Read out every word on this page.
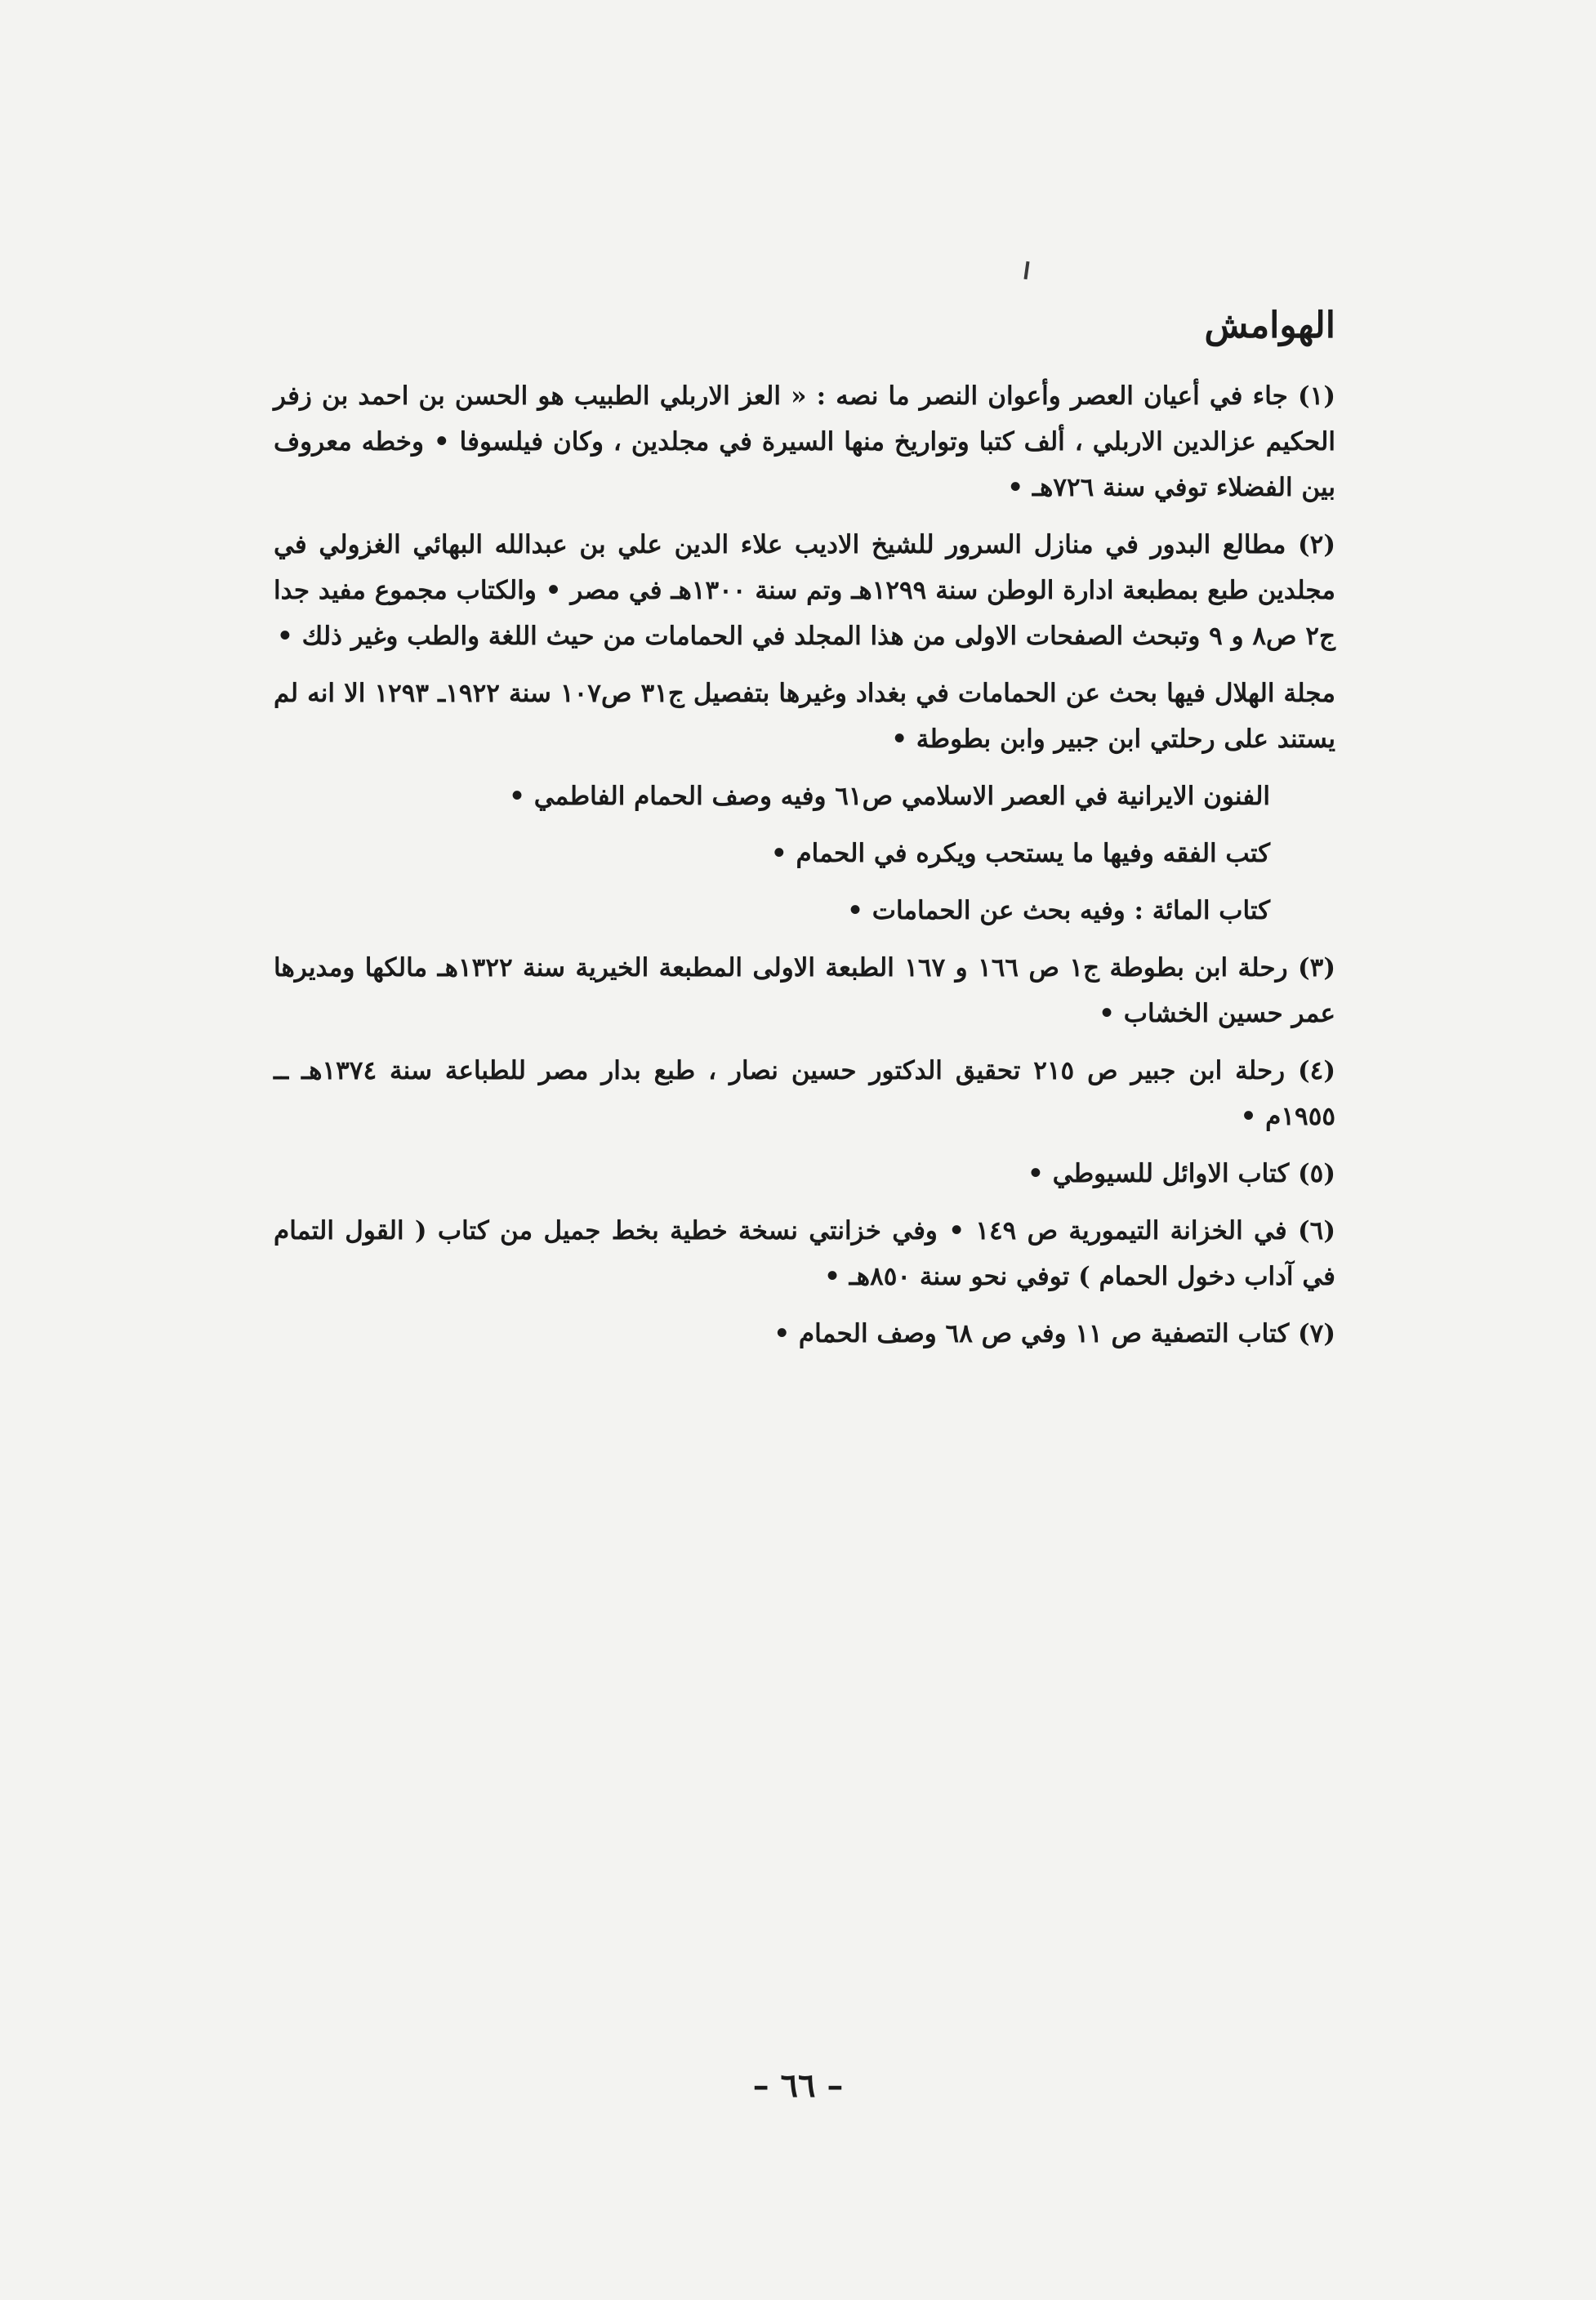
الهوامش

(١) جاء في أعيان العصر وأعوان النصر ما نصه : « العز الاربلي الطبيب هو الحسن بن احمد بن زفر الحكيم عزالدين الاربلي ، ألف كتبا وتواريخ منها السيرة في مجلدين ، وكان فيلسوفا • وخطه معروف بين الفضلاء توفي سنة ٧٢٦هـ •

(٢) مطالع البدور في منازل السرور للشيخ الاديب علاء الدين علي بن عبدالله البهائي الغزولي في مجلدين طبع بمطبعة ادارة الوطن سنة ١٢٩٩هـ وتم سنة ١٣٠٠هـ في مصر • والكتاب مجموع مفيد جدا ج٢ ص٨ و ٩ وتبحث الصفحات الاولى من هذا المجلد في الحمامات من حيث اللغة والطب وغير ذلك •

مجلة الهلال فيها بحث عن الحمامات في بغداد وغيرها بتفصيل ج٣١ ص١٠٧ سنة ١٩٢٢ـ ١٢٩٣ الا انه لم يستند على رحلتي ابن جبير وابن بطوطة •

الفنون الايرانية في العصر الاسلامي ص٦١ وفيه وصف الحمام الفاطمي •

كتب الفقه وفيها ما يستحب ويكره في الحمام •

كتاب المائة : وفيه بحث عن الحمامات •

(٣) رحلة ابن بطوطة ج١ ص ١٦٦ و ١٦٧ الطبعة الاولى المطبعة الخيرية سنة ١٣٢٢هـ مالكها ومديرها عمر حسين الخشاب •

(٤) رحلة ابن جبير ص ٢١٥ تحقيق الدكتور حسين نصار ، طبع بدار مصر للطباعة سنة ١٣٧٤هـ ــ ١٩٥٥م •

(٥) كتاب الاوائل للسيوطي •

(٦) في الخزانة التيمورية ص ١٤٩ • وفي خزانتي نسخة خطية بخط جميل من كتاب ( القول التمام في آداب دخول الحمام ) توفي نحو سنة ٨٥٠هـ •

(٧) كتاب التصفية ص ١١ وفي ص ٦٨ وصف الحمام •

– ٦٦ –
